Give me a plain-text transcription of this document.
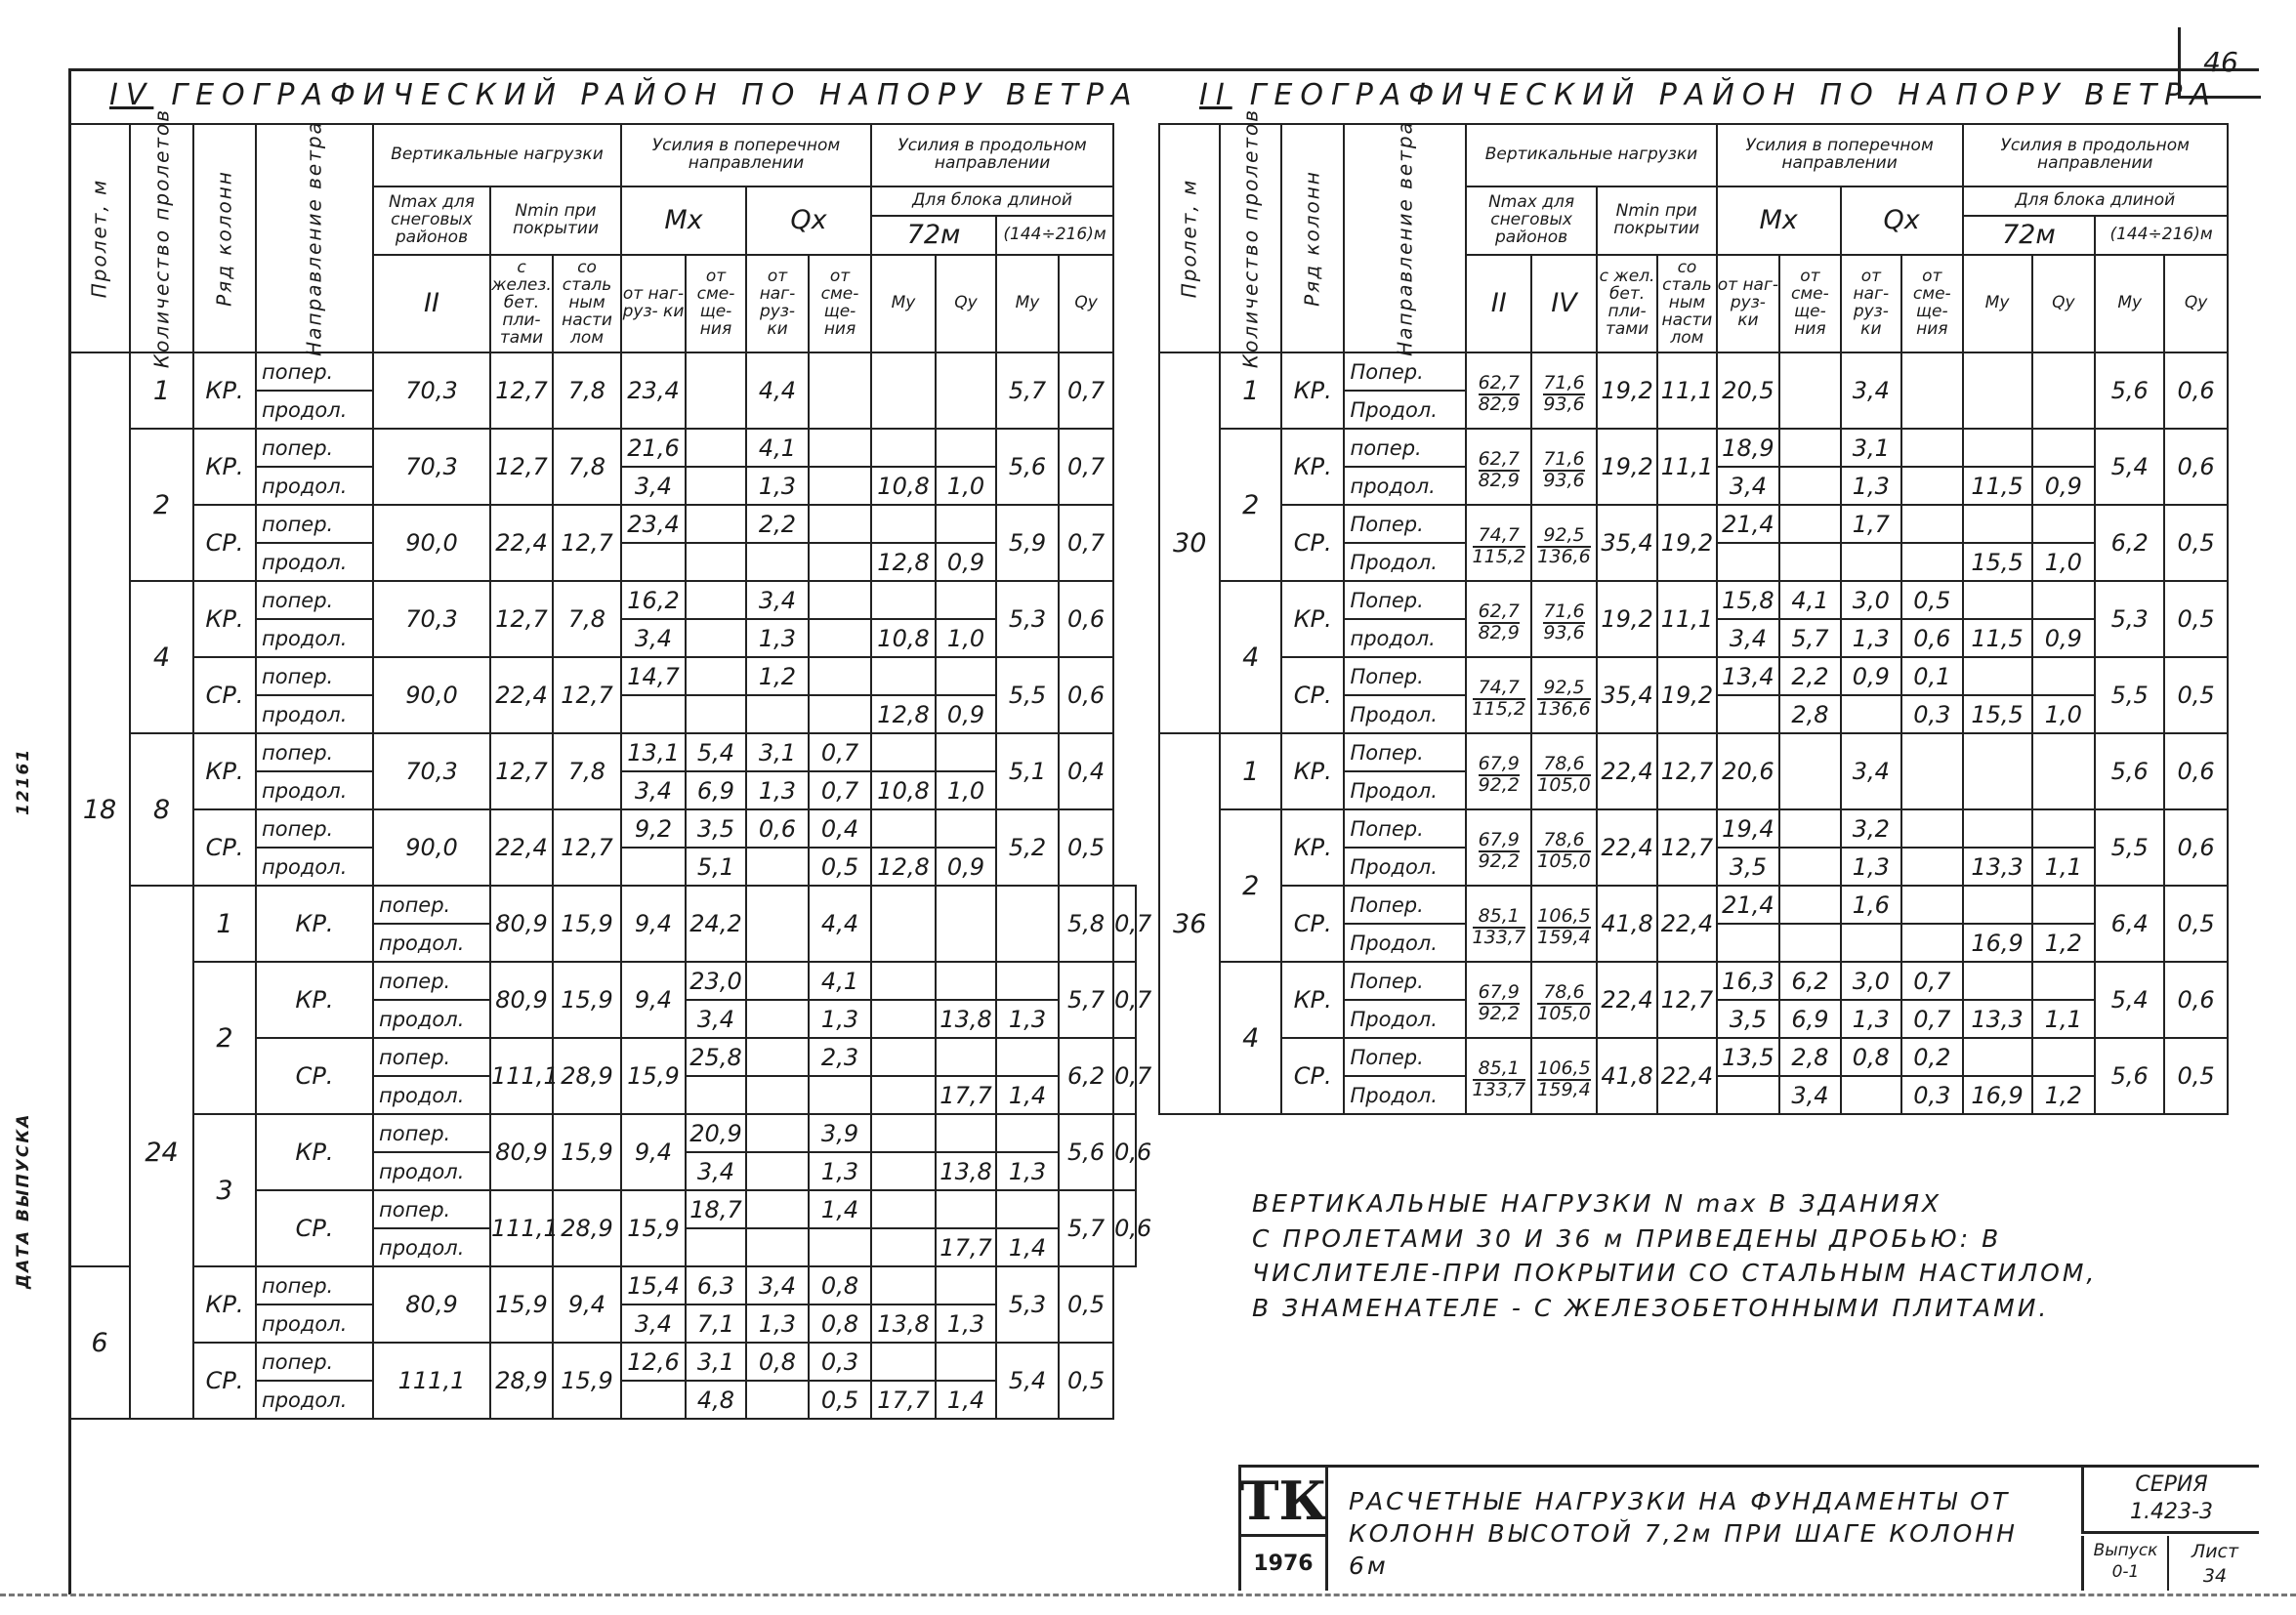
46
ДАТА ВЫПУСКА
12161
IV ГЕОГРАФИЧЕСКИЙ РАЙОН ПО НАПОРУ ВЕТРА
Пролет, м	Количество пролетов	Ряд колонн	Направление ветра	Вертикальные нагрузки			Усилия в поперечном направлении				Усилия в продольном направлении				
				Nmax для снеговых районов	Nmin при покрытии		Mx		Qx		Для блока длиной				
											72м		(144÷216)м		
				II	с желез. бет. пли- тами	со сталь ным насти лом	от наг- руз- ки	от сме- ще- ния	от наг- руз- ки	от сме- ще- ния	My	Qy	My	Qy	

18	1	КР.	попер.	70,3	12,7	7,8	23,4		4,4				5,7	0,7	
			продол.												
	2	КР.	попер.	70,3	12,7	7,8	21,6		4,1				5,6	0,7	
			продол.				3,4		1,3		10,8	1,0			
		СР.	попер.	90,0	22,4	12,7	23,4		2,2				5,9	0,7	
			продол.								12,8	0,9			
	4	КР.	попер.	70,3	12,7	7,8	16,2		3,4				5,3	0,6	
			продол.				3,4		1,3		10,8	1,0			
		СР.	попер.	90,0	22,4	12,7	14,7		1,2				5,5	0,6	
			продол.								12,8	0,9			
	8	КР.	попер.	70,3	12,7	7,8	13,1	5,4	3,1	0,7			5,1	0,4	
			продол.				3,4	6,9	1,3	0,7	10,8	1,0			
		СР.	попер.	90,0	22,4	12,7	9,2	3,5	0,6	0,4			5,2	0,5	
			продол.					5,1		0,5	12,8	0,9			
	24	1	КР.	попер.	80,9	15,9	9,4	24,2		4,4				5,8	0,7
				продол.											
		2	КР.	попер.	80,9	15,9	9,4	23,0		4,1				5,7	0,7
				продол.				3,4		1,3		13,8	1,3		
			СР.	попер.	111,1	28,9	15,9	25,8		2,3				6,2	0,7
				продол.								17,7	1,4		
		3	КР.	попер.	80,9	15,9	9,4	20,9		3,9				5,6	0,6
				продол.				3,4		1,3		13,8	1,3		
			СР.	попер.	111,1	28,9	15,9	18,7		1,4				5,7	0,6
				продол.								17,7	1,4		
6		КР.	попер.	80,9	15,9	9,4	15,4	6,3	3,4	0,8			5,3	0,5	
			продол.				3,4	7,1	1,3	0,8	13,8	1,3			
		СР.	попер.	111,1	28,9	15,9	12,6	3,1	0,8	0,3			5,4	0,5	
			продол.					4,8		0,5	17,7	1,4			
II ГЕОГРАФИЧЕСКИЙ РАЙОН ПО НАПОРУ ВЕТРА
Пролет, м	Количество пролетов	Ряд колонн	Направление ветра	Вертикальные нагрузки				Усилия в поперечном направлении				Усилия в продольном направлении			
				Nmax для снеговых районов		Nmin при покрытии		Mx		Qx		Для блока длиной			
												72м		(144÷216)м	
				II	IV	с жел. бет. пли- тами	со сталь ным насти лом	от наг- руз- ки	от сме- ще- ния	от наг- руз- ки	от сме- ще- ния	My	Qy	My	Qy

30	1	КР.	Попер.	$\frac{62,7}{82,9}$	$\frac{71,6}{93,6}$	19,2	11,1	20,5		3,4				5,6	0,6
			Продол.												
	2	КР.	попер.	$\frac{62,7}{82,9}$	$\frac{71,6}{93,6}$	19,2	11,1	18,9		3,1				5,4	0,6
			продол.					3,4		1,3		11,5	0,9		
		СР.	Попер.	$\frac{74,7}{115,2}$	$\frac{92,5}{136,6}$	35,4	19,2	21,4		1,7				6,2	0,5
			Продол.									15,5	1,0		
	4	КР.	Попер.	$\frac{62,7}{82,9}$	$\frac{71,6}{93,6}$	19,2	11,1	15,8	4,1	3,0	0,5			5,3	0,5
			продол.					3,4	5,7	1,3	0,6	11,5	0,9		
		СР.	Попер.	$\frac{74,7}{115,2}$	$\frac{92,5}{136,6}$	35,4	19,2	13,4	2,2	0,9	0,1			5,5	0,5
			Продол.						2,8		0,3	15,5	1,0		
36	1	КР.	Попер.	$\frac{67,9}{92,2}$	$\frac{78,6}{105,0}$	22,4	12,7	20,6		3,4				5,6	0,6
			Продол.												
	2	КР.	Попер.	$\frac{67,9}{92,2}$	$\frac{78,6}{105,0}$	22,4	12,7	19,4		3,2				5,5	0,6
			Продол.					3,5		1,3		13,3	1,1		
		СР.	Попер.	$\frac{85,1}{133,7}$	$\frac{106,5}{159,4}$	41,8	22,4	21,4		1,6				6,4	0,5
			Продол.									16,9	1,2		
	4	КР.	Попер.	$\frac{67,9}{92,2}$	$\frac{78,6}{105,0}$	22,4	12,7	16,3	6,2	3,0	0,7			5,4	0,6
			Продол.					3,5	6,9	1,3	0,7	13,3	1,1		
		СР.	Попер.	$\frac{85,1}{133,7}$	$\frac{106,5}{159,4}$	41,8	22,4	13,5	2,8	0,8	0,2			5,6	0,5
			Продол.						3,4		0,3	16,9	1,2		
ВЕРТИКАЛЬНЫЕ НАГРУЗКИ N max В ЗДАНИЯХ
С ПРОЛЕТАМИ 30 И 36 м ПРИВЕДЕНЫ ДРОБЬЮ: В
ЧИСЛИТЕЛЕ-ПРИ ПОКРЫТИИ СО СТАЛЬНЫМ НАСТИЛОМ,
В ЗНАМЕНАТЕЛЕ - С ЖЕЛЕЗОБЕТОННЫМИ ПЛИТАМИ.
ТК
1976
РАСЧЕТНЫЕ НАГРУЗКИ НА ФУНДАМЕНТЫ ОТ КОЛОНН ВЫСОТОЙ 7,2м ПРИ ШАГЕ КОЛОНН 6м
СЕРИЯ
1.423-3
Выпуск
0-1
Лист
34
